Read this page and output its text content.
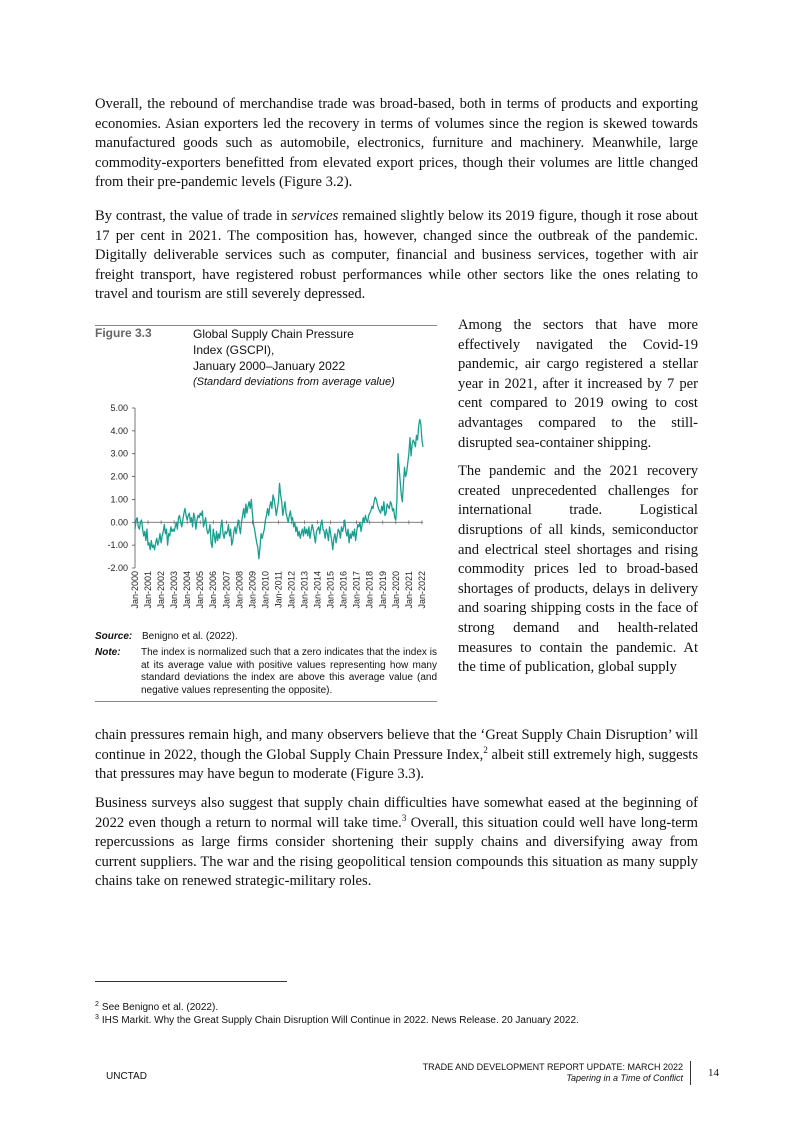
Overall, the rebound of merchandise trade was broad-based, both in terms of products and exporting economies. Asian exporters led the recovery in terms of volumes since the region is skewed towards manufactured goods such as automobile, electronics, furniture and machinery. Meanwhile, large commodity-exporters benefitted from elevated export prices, though their volumes are little changed from their pre-pandemic levels (Figure 3.2).

By contrast, the value of trade in services remained slightly below its 2019 figure, though it rose about 17 per cent in 2021. The composition has, however, changed since the outbreak of the pandemic. Digitally deliverable services such as computer, financial and business services, together with air freight transport, have registered robust performances while other sectors like the ones relating to travel and tourism are still severely depressed.

Figure 3.3	Global Supply Chain Pressure
Index (GSCPI),
January 2000–January 2022
(Standard deviations from average value)
5.00
4.00
3.00
2.00
1.00
0.00
-1.00
-2.00
Jan-2000 Jan-2001 Jan-2002 Jan-2003 Jan-2004 Jan-2005 Jan-2006 Jan-2007 Jan-2008 Jan-2009 Jan-2010 Jan-2011 Jan-2012 Jan-2013 Jan-2014 Jan-2015 Jan-2016 Jan-2017 Jan-2018 Jan-2019 Jan-2020 Jan-2021 Jan-2022
Source: Benigno et al. (2022).
Note: The index is normalized such that a zero indicates that the index is at its average value with positive values representing how many standard deviations the index are above this average value (and negative values representing the opposite).

Among the sectors that have more effectively navigated the Covid-19 pandemic, air cargo registered a stellar year in 2021, after it increased by 7 per cent compared to 2019 owing to cost advantages compared to the still-disrupted sea-container shipping.

The pandemic and the 2021 recovery created unprecedented challenges for international trade. Logistical disruptions of all kinds, semiconductor and electrical steel shortages and rising commodity prices led to broad-based shortages of products, delays in delivery and soaring shipping costs in the face of strong demand and health-related measures to contain the pandemic. At the time of publication, global supply

chain pressures remain high, and many observers believe that the ‘Great Supply Chain Disruption’ will continue in 2022, though the Global Supply Chain Pressure Index,$^2$ albeit still extremely high, suggests that pressures may have begun to moderate (Figure 3.3).

Business surveys also suggest that supply chain difficulties have somewhat eased at the beginning of 2022 even though a return to normal will take time.$^3$ Overall, this situation could well have long-term repercussions as large firms consider shortening their supply chains and diversifying away from current suppliers. The war and the rising geopolitical tension compounds this situation as many supply chains take on renewed strategic-military roles.

$^2$ See Benigno et al. (2022).
$^3$ IHS Markit. Why the Great Supply Chain Disruption Will Continue in 2022. News Release. 20 January 2022.
UNCTAD
TRADE AND DEVELOPMENT REPORT UPDATE: MARCH 2022
Tapering in a Time of Conflict 14
